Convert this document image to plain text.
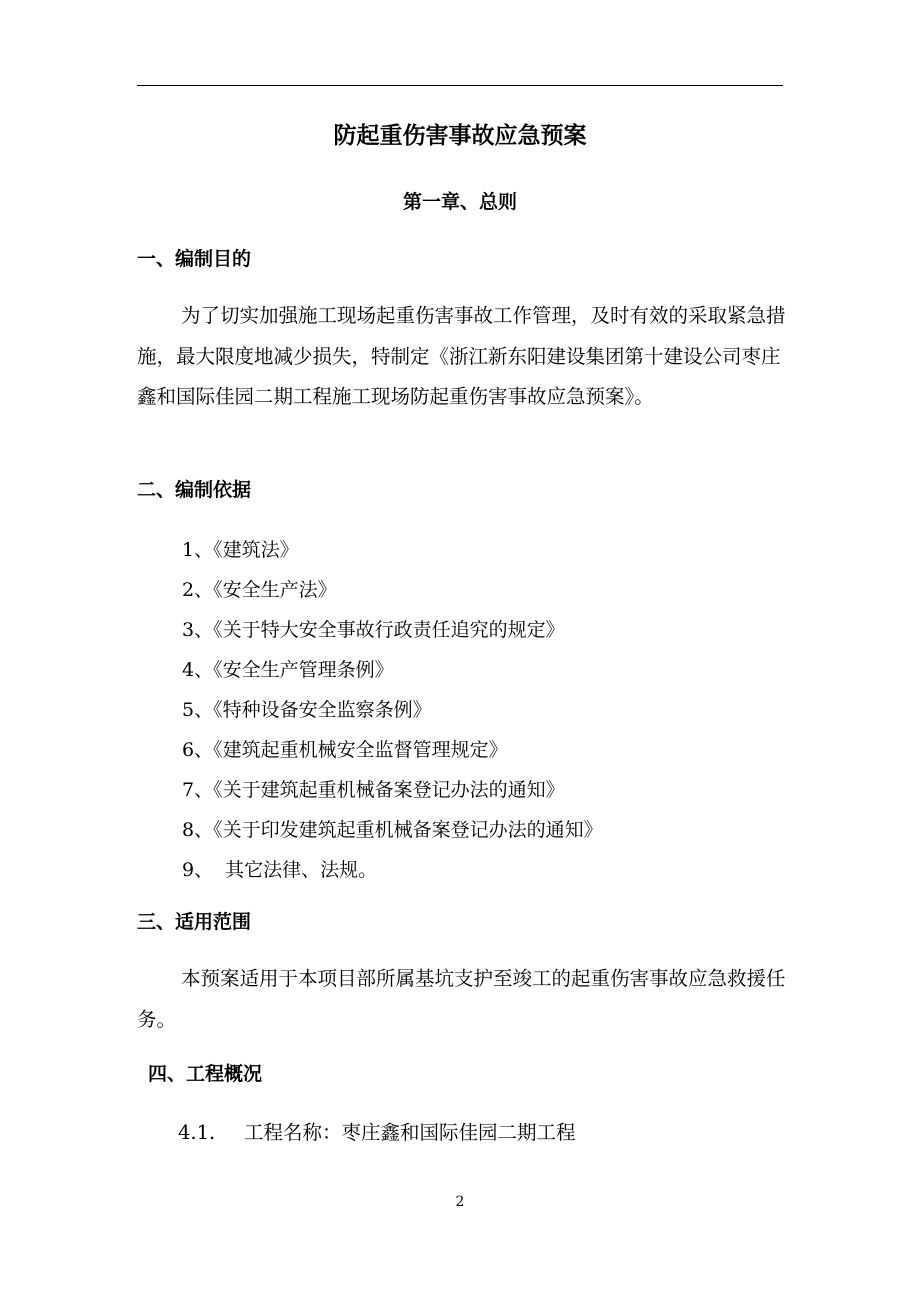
防起重伤害事故应急预案
第一章、总则
一、编制目的

为了切实加强施工现场起重伤害事故工作管理，及时有效的采取紧急措施，最大限度地减少损失，特制定《浙江新东阳建设集团第十建设公司枣庄鑫和国际佳园二期工程施工现场防起重伤害事故应急预案》。

二、编制依据
1、《建筑法》
2、《安全生产法》
3、《关于特大安全事故行政责任追究的规定》
4、《安全生产管理条例》
5、《特种设备安全监察条例》
6、《建筑起重机械安全监督管理规定》
7、《关于建筑起重机械备案登记办法的通知》
8、《关于印发建筑起重机械备案登记办法的通知》
9、  其它法律、法规。
三、适用范围

本预案适用于本项目部所属基坑支护至竣工的起重伤害事故应急救援任务。

四、工程概况
4.1. 工程名称：枣庄鑫和国际佳园二期工程
2
